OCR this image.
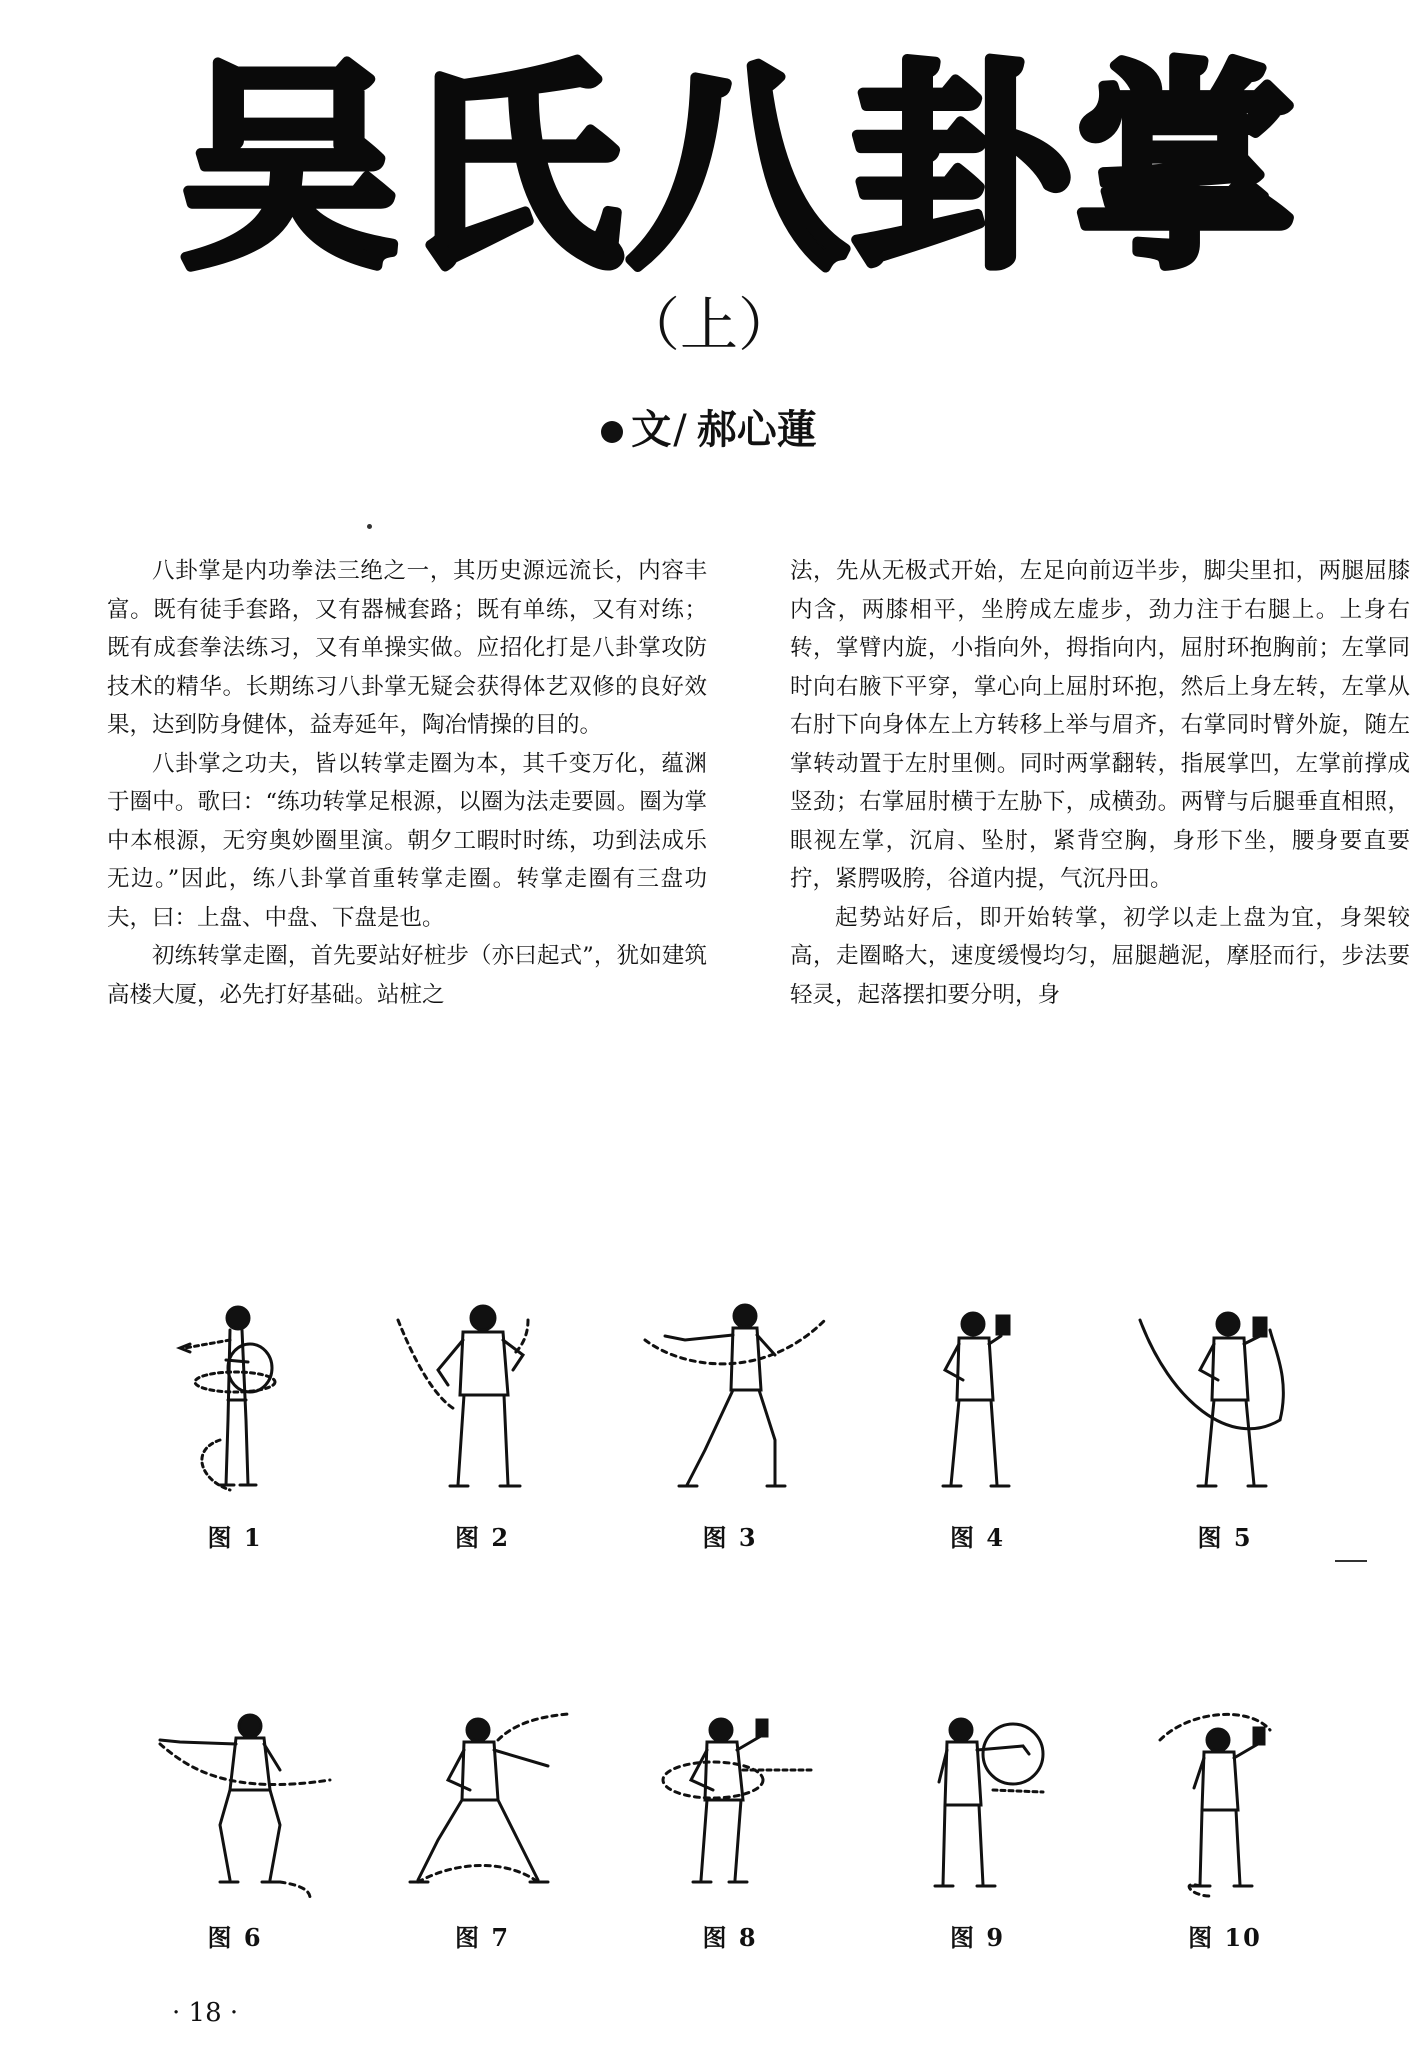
吴氏八卦掌
（上）
文/ 郝心蓮

八卦掌是内功拳法三绝之一，其历史源远流长，内容丰富。既有徒手套路，又有器械套路；既有单练，又有对练；既有成套拳法练习，又有单操实做。应招化打是八卦掌攻防技术的精华。长期练习八卦掌无疑会获得体艺双修的良好效果，达到防身健体，益寿延年，陶冶情操的目的。

八卦掌之功夫，皆以转掌走圈为本，其千变万化，蕴渊于圈中。歌曰：“练功转掌足根源，以圈为法走要圆。圈为掌中本根源，无穷奥妙圈里演。朝夕工暇时时练，功到法成乐无边。”因此，练八卦掌首重转掌走圈。转掌走圈有三盘功夫，曰：上盘、中盘、下盘是也。

初练转掌走圈，首先要站好桩步（亦曰起式”，犹如建筑高楼大厦，必先打好基础。站桩之

法，先从无极式开始，左足向前迈半步，脚尖里扣，两腿屈膝内含，两膝相平，坐胯成左虚步，劲力注于右腿上。上身右转，掌臂内旋，小指向外，拇指向内，屈肘环抱胸前；左掌同时向右腋下平穿，掌心向上屈肘环抱，然后上身左转，左掌从右肘下向身体左上方转移上举与眉齐，右掌同时臂外旋，随左掌转动置于左肘里侧。同时两掌翻转，指展掌凹，左掌前撑成竖劲；右掌屈肘横于左胁下，成横劲。两臂与后腿垂直相照，眼视左掌，沉肩、坠肘，紧背空胸，身形下坐，腰身要直要拧，紧腭吸胯，谷道内提，气沉丹田。

起势站好后，即开始转掌，初学以走上盘为宜，身架较高，走圈略大，速度缓慢均匀，屈腿趟泥，摩胫而行，步法要轻灵，起落摆扣要分明，身

图 1	图 2	图 3	图 4	图 5
图 6	图 7	图 8	图 9	图 10
· 18 ·
